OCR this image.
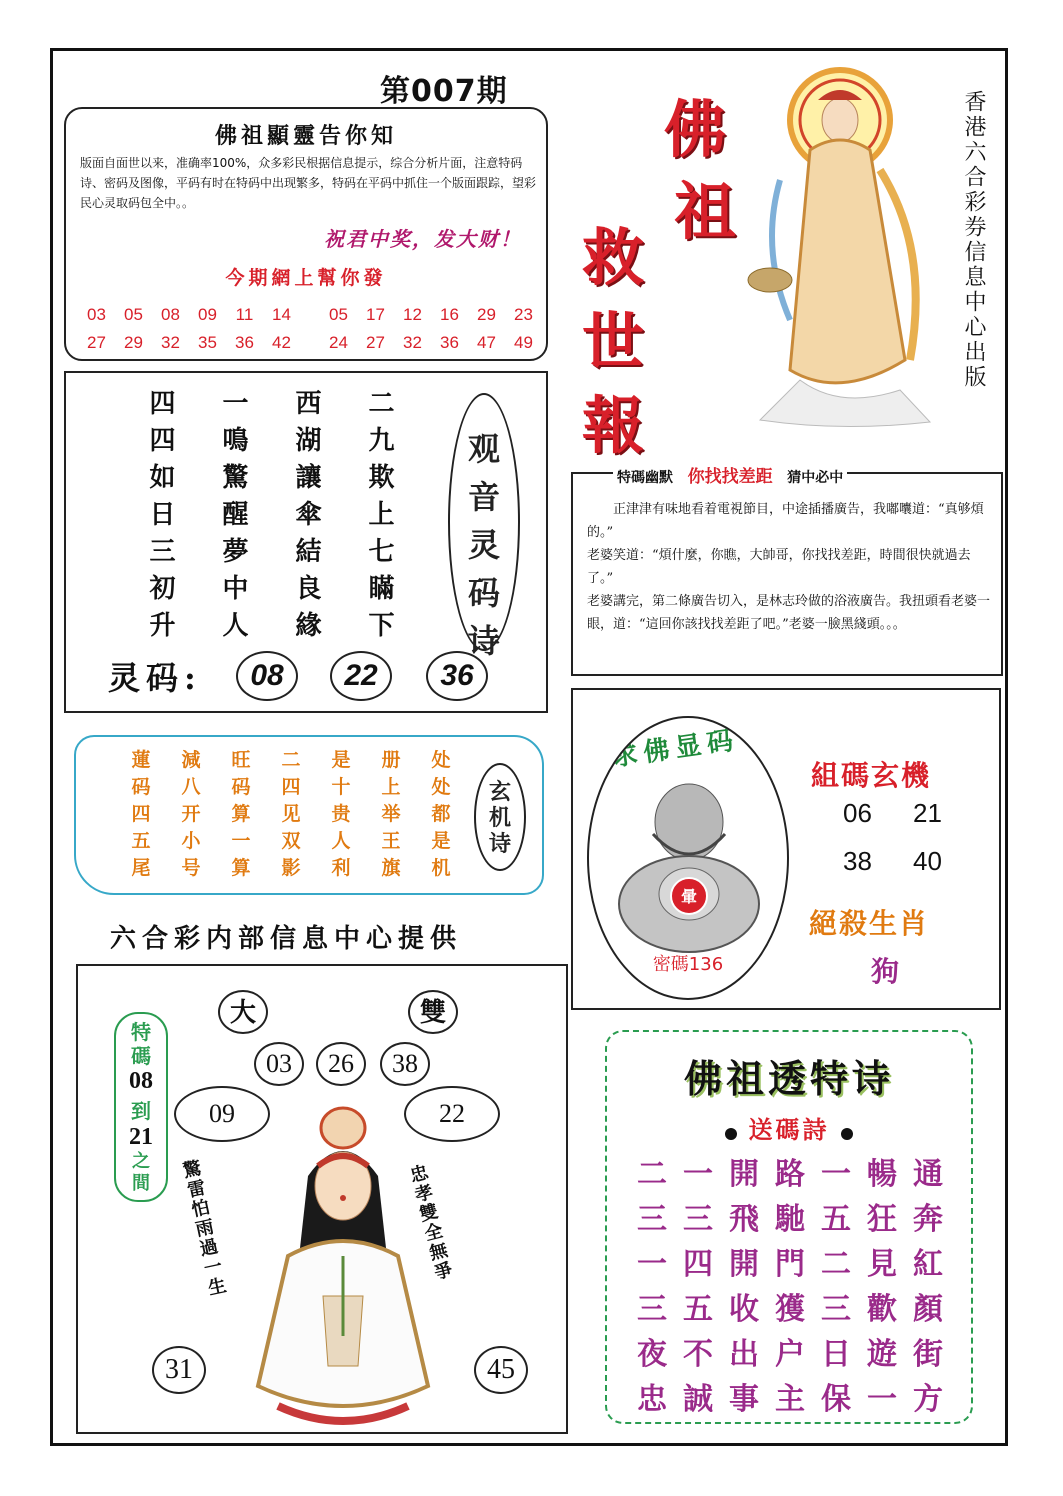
第007期
佛祖顯靈告你知
版面自面世以来，准确率100%，众多彩民根据信息提示，综合分析片面，注意特码诗、密码及图像，平码有时在特码中出现繁多，特码在平码中抓住一个版面跟踪，望彩民心灵取码包全中。。
祝君中奖，发大财！
今期網上幫你發
03	05	08	09	11	14
27	29	32	35	36	42
05	17	12	16	29	23
24	27	32	36	47	49
四	一	西	二
四	鳴	湖	九
如	驚	讓	欺
日	醒	傘	上
三	夢	結	七
初	中	良	瞞
升	人	緣	下
观
音
灵
码
诗
灵码:	08	22	36
蓮	減	旺	二	是	册	处
码	八	码	四	十	上	处
四	开	算	见	贵	举	都
五	小	一	双	人	王	是
尾	号	算	影	利	旗	机
玄
机
诗
六合彩内部信息中心提供
特碼
08
到
21
之間
大	雙
03	26	38
09	22
驚雷怕雨過一生	忠孝雙全無爭
31	45
佛
祖
救
世
報
香港六合彩券信息中心出版
特碼幽默 你找找差距 猜中必中
　　正津津有味地看着電視節目，中途插播廣告，我嘟囔道：“真够煩的。”
老婆笑道：“煩什麼，你瞧，大帥哥，你找找差距，時間很快就過去了。”
老婆講完，第二條廣告切入，是林志玲做的浴液廣告。我扭頭看老婆一眼，道：“這回你該找找差距了吧。”老婆一臉黑綫頭。。。
求佛显码
暈
密碼136
組碼玄機
06 21
38 40
絕殺生肖
狗
佛祖透特诗
送碼詩
二 一 開 路 一 暢 通
三 三 飛 馳 五 狂 奔
一 四 開 門 二 見 紅
三 五 收 獲 三 歡 顏
夜 不 出 户 日 遊 街
忠 誠 事 主 保 一 方
